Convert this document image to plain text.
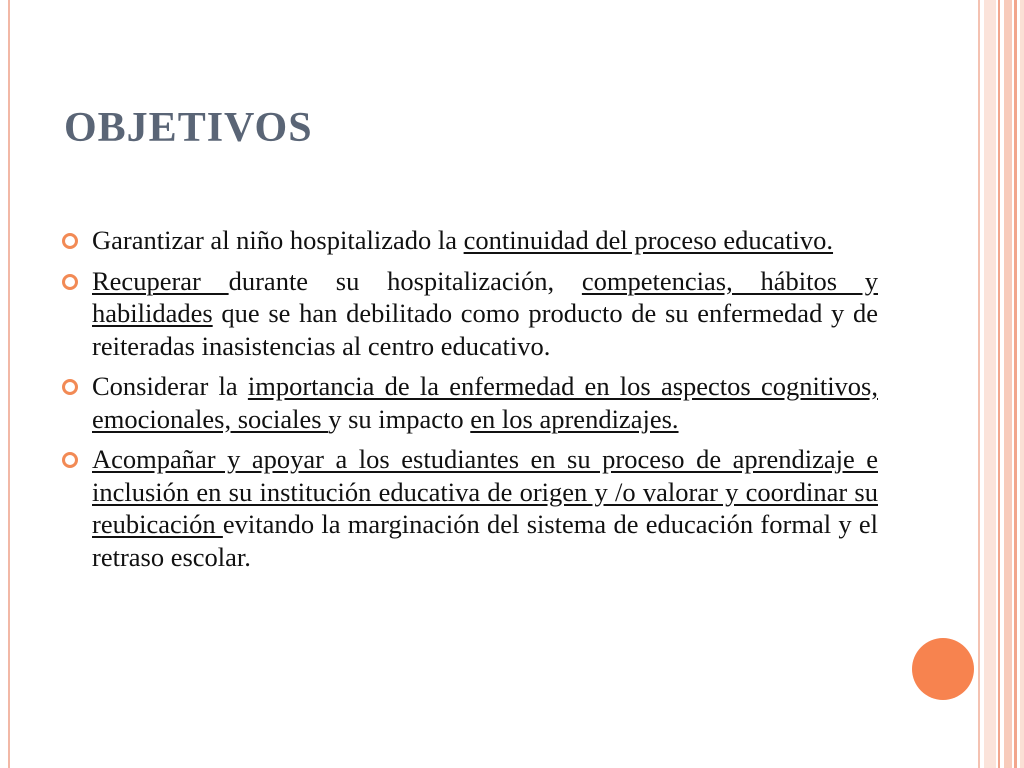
OBJETIVOS
Garantizar al niño hospitalizado la continuidad del proceso educativo.
Recuperar durante su hospitalización, competencias, hábitos y habilidades que se han debilitado como producto de su enfermedad y de reiteradas inasistencias al centro educativo.
Considerar la importancia de la enfermedad en los aspectos cognitivos, emocionales, sociales y su impacto en los aprendizajes.
Acompañar y apoyar a los estudiantes en su proceso de aprendizaje e inclusión en su institución educativa de origen y /o valorar y coordinar su reubicación evitando la marginación del sistema de educación formal y el retraso escolar.
